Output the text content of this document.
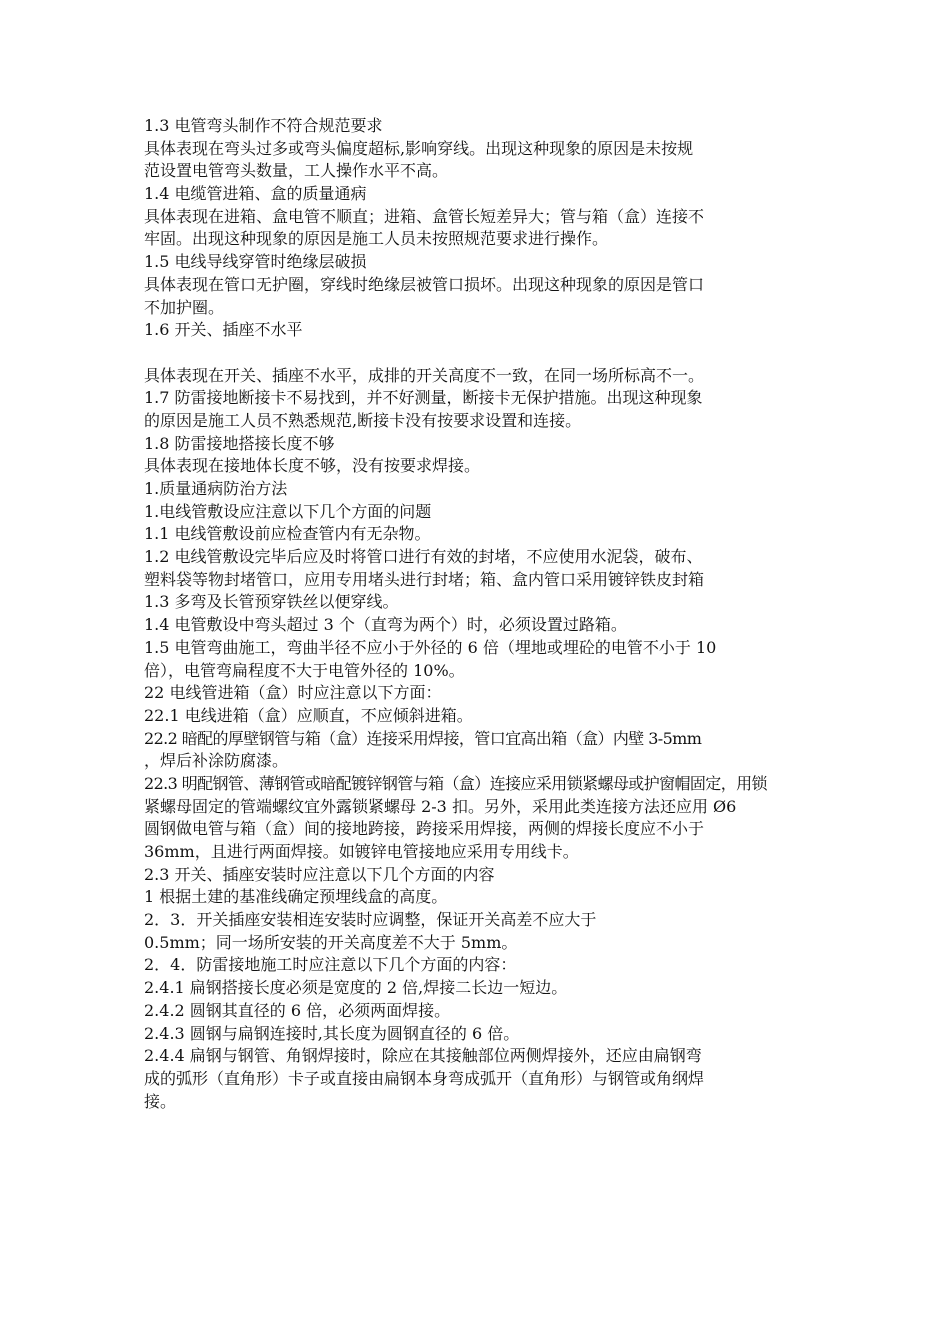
1.3 电管弯头制作不符合规范要求
具体表现在弯头过多或弯头偏度超标,影响穿线。出现这种现象的原因是未按规
范设置电管弯头数量，工人操作水平不高。
1.4 电缆管进箱、盒的质量通病
具体表现在进箱、盒电管不顺直；进箱、盒管长短差异大；管与箱（盒）连接不
牢固。出现这种现象的原因是施工人员未按照规范要求进行操作。
1.5 电线导线穿管时绝缘层破损
具体表现在管口无护圈，穿线时绝缘层被管口损坏。出现这种现象的原因是管口
不加护圈。
1.6 开关、插座不水平
具体表现在开关、插座不水平，成排的开关高度不一致，在同一场所标高不一。
1.7 防雷接地断接卡不易找到，并不好测量，断接卡无保护措施。出现这种现象
的原因是施工人员不熟悉规范,断接卡没有按要求设置和连接。
1.8 防雷接地搭接长度不够
具体表现在接地体长度不够，没有按要求焊接。
1.质量通病防治方法
1.电线管敷设应注意以下几个方面的问题
1.1 电线管敷设前应检查管内有无杂物。
1.2 电线管敷设完毕后应及时将管口进行有效的封堵，不应使用水泥袋，破布、
塑料袋等物封堵管口，应用专用堵头进行封堵；箱、盒内管口采用镀锌铁皮封箱
1.3 多弯及长管预穿铁丝以便穿线。
1.4 电管敷设中弯头超过 3 个（直弯为两个）时，必须设置过路箱。
1.5 电管弯曲施工，弯曲半径不应小于外径的 6 倍（埋地或埋砼的电管不小于 10
倍），电管弯扁程度不大于电管外径的 10%。
22 电线管进箱（盒）时应注意以下方面：
22.1 电线进箱（盒）应顺直，不应倾斜进箱。
22.2 暗配的厚壁钢管与箱（盒）连接采用焊接，管口宜高出箱（盒）内壁 3-5mm
，焊后补涂防腐漆。
22.3 明配钢管、薄钢管或暗配镀锌钢管与箱（盒）连接应采用锁紧螺母或护窗帽固定，用锁
紧螺母固定的管端螺纹宜外露锁紧螺母 2-3 扣。另外，采用此类连接方法还应用 Ø6
圆钢做电管与箱（盒）间的接地跨接，跨接采用焊接，两侧的焊接长度应不小于
36mm，且进行两面焊接。如镀锌电管接地应采用专用线卡。
2.3 开关、插座安装时应注意以下几个方面的内容
1 根据土建的基准线确定预埋线盒的高度。
2．3．开关插座安装相连安装时应调整，保证开关高差不应大于
0.5mm；同一场所安装的开关高度差不大于 5mm。
2．4．防雷接地施工时应注意以下几个方面的内容：
2.4.1 扁钢搭接长度必须是宽度的 2 倍,焊接二长边一短边。
2.4.2 圆钢其直径的 6 倍，必须两面焊接。
2.4.3 圆钢与扁钢连接时,其长度为圆钢直径的 6 倍。
2.4.4 扁钢与钢管、角钢焊接时，除应在其接触部位两侧焊接外，还应由扁钢弯
成的弧形（直角形）卡子或直接由扁钢本身弯成弧开（直角形）与钢管或角纲焊
接。
